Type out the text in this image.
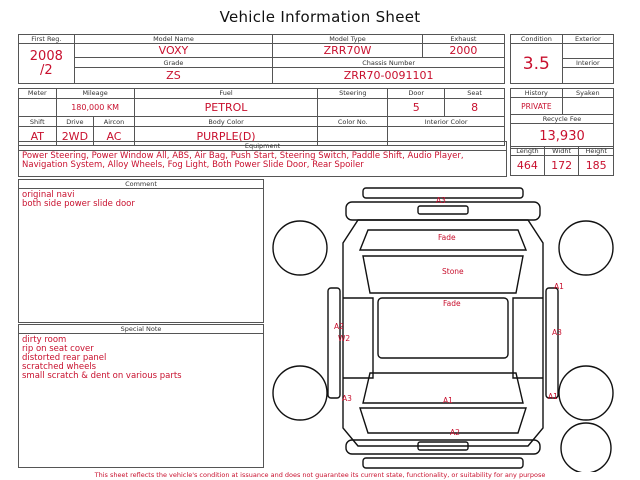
Vehicle Information Sheet
First Reg.	Model Name	Model Type	Exhaust

2008
/2	VOXY	ZRR70W	2000
	Grade	Chassis Number	
	ZS	ZRR70-0091101	
Condition	Exterior
3.5	
	Interior

Meter	Mileage		Fuel	Steering	Door	Seat
	180,000 KM		PETROL		5	8
Shift	Drive	Aircon	Body Color	Color No.	Interior Color	
AT	2WD	AC	PURPLE(D)			
History	Syaken
PRIVATE	
Recycle Fee	
13,930	
Equipment
Power Steering, Power Window All, ABS, Air Bag, Push Start, Steering Switch, Paddle Shift, Audio Player, Navigation System, Alloy Wheels, Fog Light, Both Power Slide Door, Rear Spoiler
Length	Widht	Height
464	172	185
Comment
original navi
both side power slide door
Special Note
dirty room
rip on seat cover
distorted rear panel
scratched wheels
small scratch & dent on various parts
A3
Fade
Stone
Fade
A1
A2
W2
A3
A3	A1	A1
A2
This sheet reflects the vehicle's condition at issuance and does not guarantee its current state, functionality, or suitability for any purpose
